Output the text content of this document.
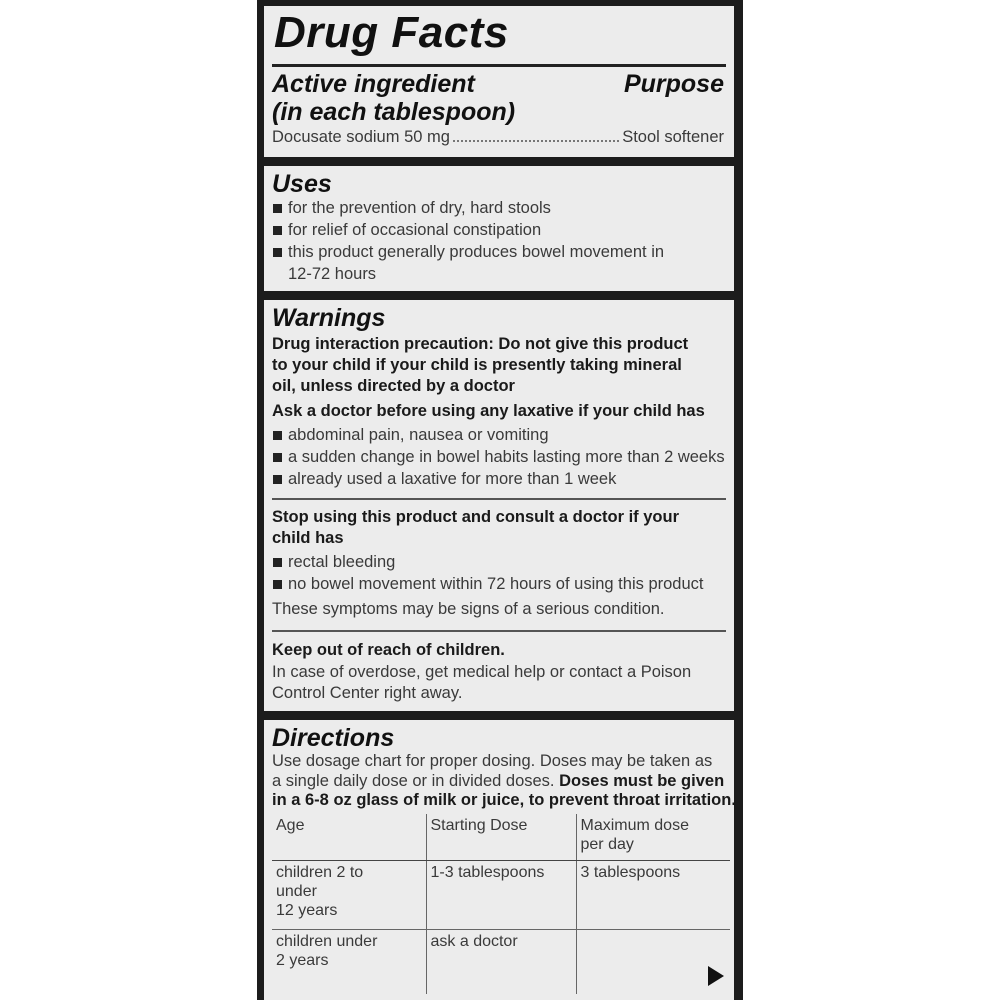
Drug Facts
Active ingredient
(in each tablespoon)
Purpose
Docusate sodium 50 mg	Stool softener
Uses
for the prevention of dry, hard stools
for relief of occasional constipation
this product generally produces bowel movement in
12-72 hours
Warnings
Drug interaction precaution: Do not give this product
to your child if your child is presently taking mineral
oil, unless directed by a doctor
Ask a doctor before using any laxative if your child has
abdominal pain, nausea or vomiting
a sudden change in bowel habits lasting more than 2 weeks
already used a laxative for more than 1 week
Stop using this product and consult a doctor if your
child has
rectal bleeding
no bowel movement within 72 hours of using this product
These symptoms may be signs of a serious condition.
Keep out of reach of children.
In case of overdose, get medical help or contact a Poison
Control Center right away.
Directions
Use dosage chart for proper dosing. Doses may be taken as
a single daily dose or in divided doses. Doses must be given
in a 6-8 oz glass of milk or juice, to prevent throat irritation.
Age	Starting Dose	Maximum dose
per day

children 2 to
under
12 years	1-3 tablespoons	3 tablespoons

children under
2 years	ask a doctor	
